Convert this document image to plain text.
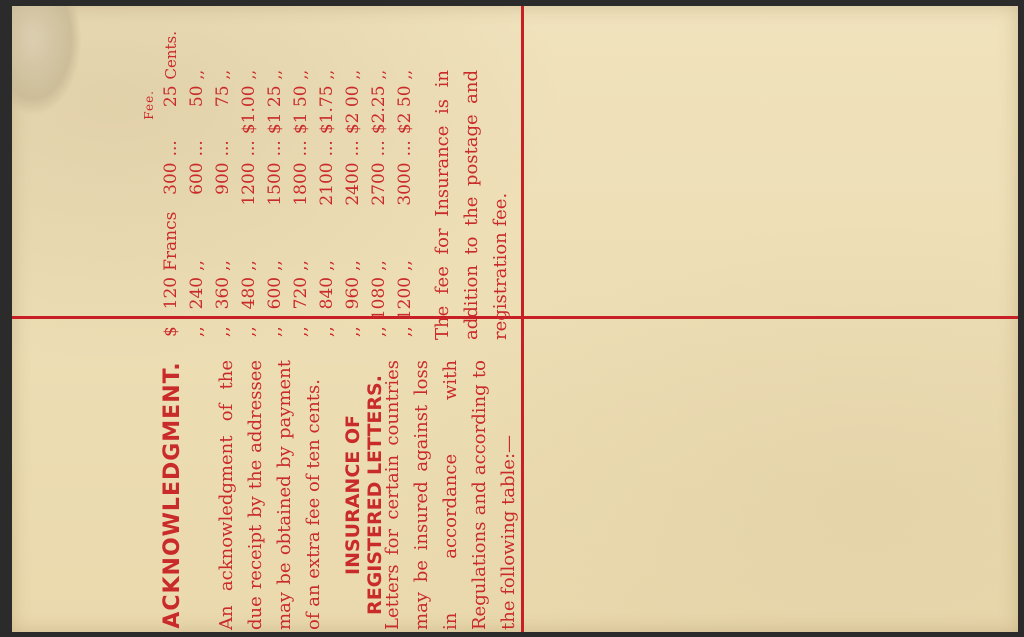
ACKNOWLEDGMENT.	An acknowledgment of the due receipt by the addressee may be obtained by payment of an extra fee of ten cents. INSURANCE OF REGISTERED LETTERS.

Letters for certain countries may be insured against loss in accordance with Regulations and according to the following table:—

Fee.
$	120	Francs	300	...	25	Cents.
,,	240	,,	600	...	50	,,
,,	360	,,	900	...	75	,,
,,	480	,,	1200	...	$1.00	,,
,,	600	,,	1500	...	$1 25	,,
,,	720	,,	1800	...	$1 50	,,
,,	840	,,	2100	...	$1.75	,,
,,	960	,,	2400	...	$2 00	,,
,,	1080	,,	2700	...	$2.25	,,
,,	1200	,,	3000	...	$2 50	,, The fee for Insurance is in addition to the postage and registration fee.
